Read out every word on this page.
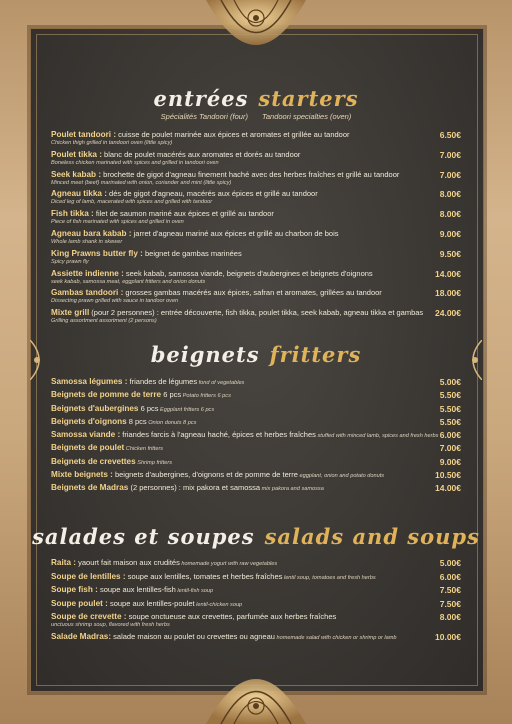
entrées starters
Spécialités Tandoori (four) Tandoori specialties (oven)
Poulet tandoori : cuisse de poulet marinée aux épices et aromates et grillée au tandoor
Chicken thigh grilled in tandoori oven (little spicy)
6.50€
Poulet tikka : blanc de poulet macérés aux aromates et dorés au tandoor
Boneless chicken marinated with spices and grilled in tandoori oven
7.00€
Seek kabab : brochette de gigot d'agneau finement haché avec des herbes fraîches et grillé au tandoor
Minced meet (beef) marinated with onion, coriander and mint (little spicy)
7.00€
Agneau tikka : dés de gigot d'agneau, macérés aux épices et grillé au tandoor
Diced leg of lamb, macerated with spices and grilled with tandoor
8.00€
Fish tikka : filet de saumon mariné aux épices et grillé au tandoor
Piece of fish marinated with spices and grilled in oven
8.00€
Agneau bara kabab : jarret d'agneau mariné aux épices et grillé au charbon de bois
Whole lamb shank in skewer
9.00€
King Prawns butter fly : beignet de gambas marinées
Spicy prawn fly
9.50€
Assiette indienne : seek kabab, samossa viande, beignets d'aubergines et beignets d'oignons
seek kabab, samossa meat, eggplant fritters and onion donuts
14.00€
Gambas tandoori : grosses gambas macérés aux épices, safran et aromates, grillées au tandoor
Dissecting prawn grilled with sauce in tandoor oven
18.00€
Mixte grill (pour 2 personnes) : entrée découverte, fish tikka, poulet tikka, seek kabab, agneau tikka et gambas
Grilling assortment assortment (2 persons)
24.00€
beignets fritters
Samossa légumes : friandes de légumes fond of vegetables	5.00€
Beignets de pomme de terre 6 pcs Potato fritters 6 pcs	5.50€
Beignets d'aubergines 6 pcs Eggplant fritters 6 pcs	5.50€
Beignets d'oignons 8 pcs Onion donuts 8 pcs	5.50€
Samossa viande : friandes farcis à l'agneau haché, épices et herbes fraîches stuffed with minced lamb, spices and fresh herbs 6.00€
Beignets de poulet Chicken fritters	7.00€
Beignets de crevettes Shrimp fritters	9.00€
Mixte beignets : beignets d'aubergines, d'oignons et de pomme de terre eggplant, onion and potato donuts	10.50€
Beignets de Madras (2 personnes) : mix pakora et samossa mix pakora and samossa	14.00€
salades et soupes salads and soups
Raita : yaourt fait maison aux crudités homemade yogurt with raw vegetables	5.00€
Soupe de lentilles : soupe aux lentilles, tomates et herbes fraîches lentil soup, tomatoes and fresh herbs	6.00€
Soupe fish : soupe aux lentilles-fish lentil-fish soup	7.50€
Soupe poulet : soupe aux lentilles-poulet lentil-chicken soup	7.50€
Soupe de crevette : soupe onctueuse aux crevettes, parfumée aux herbes fraîches
unctuous shrimp soup, flavored with fresh herbs
8.00€
Salade Madras: salade maison au poulet ou crevettes ou agneau homemade salad with chicken or shrimp or lamb	10.00€
